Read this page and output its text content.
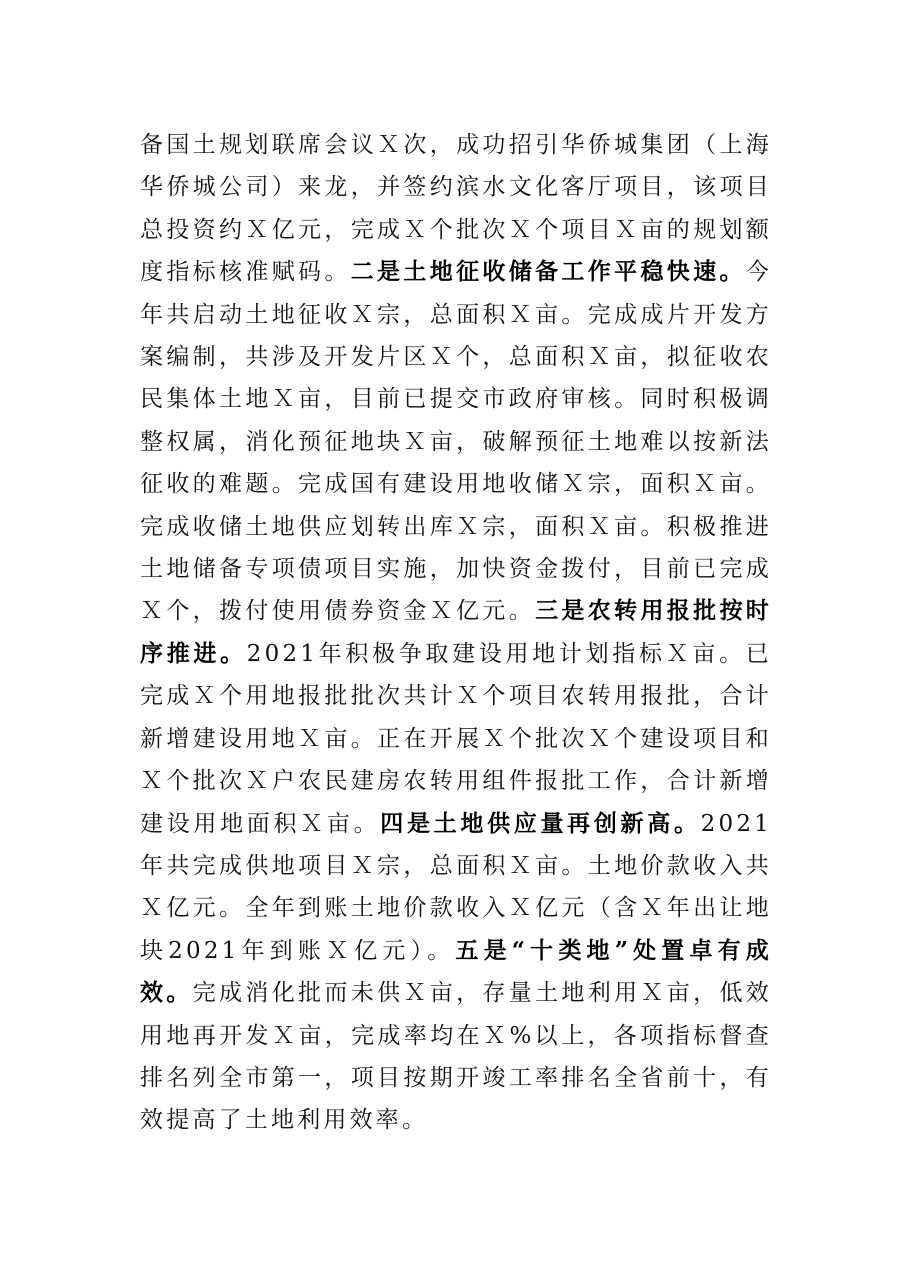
备国土规划联席会议Ｘ次，成功招引华侨城集团（上海华侨城公司）来龙，并签约滨水文化客厅项目，该项目总投资约Ｘ亿元，完成Ｘ个批次Ｘ个项目Ｘ亩的规划额度指标核准赋码。二是土地征收储备工作平稳快速。今年共启动土地征收Ｘ宗，总面积Ｘ亩。完成成片开发方案编制，共涉及开发片区Ｘ个，总面积Ｘ亩，拟征收农民集体土地Ｘ亩，目前已提交市政府审核。同时积极调整权属，消化预征地块Ｘ亩，破解预征土地难以按新法征收的难题。完成国有建设用地收储Ｘ宗，面积Ｘ亩。完成收储土地供应划转出库Ｘ宗，面积Ｘ亩。积极推进土地储备专项债项目实施，加快资金拨付，目前已完成Ｘ个，拨付使用债券资金Ｘ亿元。三是农转用报批按时序推进。2021年积极争取建设用地计划指标Ｘ亩。已完成Ｘ个用地报批批次共计Ｘ个项目农转用报批，合计新增建设用地Ｘ亩。正在开展Ｘ个批次Ｘ个建设项目和Ｘ个批次Ｘ户农民建房农转用组件报批工作，合计新增建设用地面积Ｘ亩。四是土地供应量再创新高。2021年共完成供地项目Ｘ宗，总面积Ｘ亩。土地价款收入共Ｘ亿元。全年到账土地价款收入Ｘ亿元（含Ｘ年出让地块2021年到账Ｘ亿元）。五是“十类地”处置卓有成效。完成消化批而未供Ｘ亩，存量土地利用Ｘ亩，低效用地再开发Ｘ亩，完成率均在Ｘ%以上，各项指标督查排名列全市第一，项目按期开竣工率排名全省前十，有效提高了土地利用效率。
